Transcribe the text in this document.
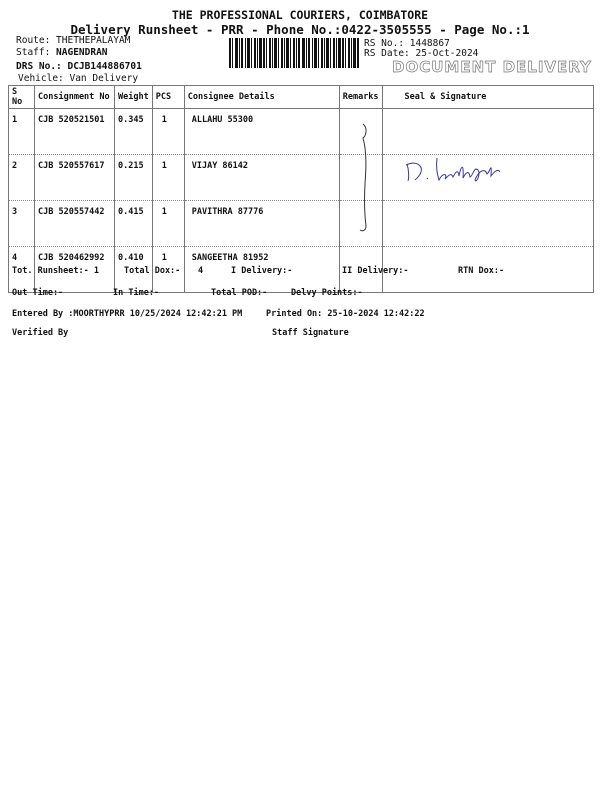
THE PROFESSIONAL COURIERS, COIMBATORE
Delivery Runsheet - PRR - Phone No.:0422-3505555 - Page No.:1
Route: THETHEPALAYAM
Staff: NAGENDRAN
DRS No.: DCJB144886701
Vehicle: Van Delivery
RS No.: 1448867
RS Date: 25-Oct-2024
DOCUMENT DELIVERY
S No	Consignment No	Weight	PCS	Consignee Details	Remarks	Seal & Signature

1	CJB 520521501	0.345	1	ALLAHU 55300		

2	CJB 520557617	0.215	1	VIJAY 86142		

3	CJB 520557442	0.415	1	PAVITHRA 87776		

4	CJB 520462992	0.410	1	SANGEETHA 81952		

Tot. Runsheet:- 1	Total Dox:- 4	I Delivery:-	II Delivery:-	RTN Dox:-
Out Time:-	In Time:-	Total POD:-	Delvy Points:-
Entered By :MOORTHYPRR 10/25/2024 12:42:21 PM	Printed On: 25-10-2024 12:42:22
Verified By	Staff Signature
